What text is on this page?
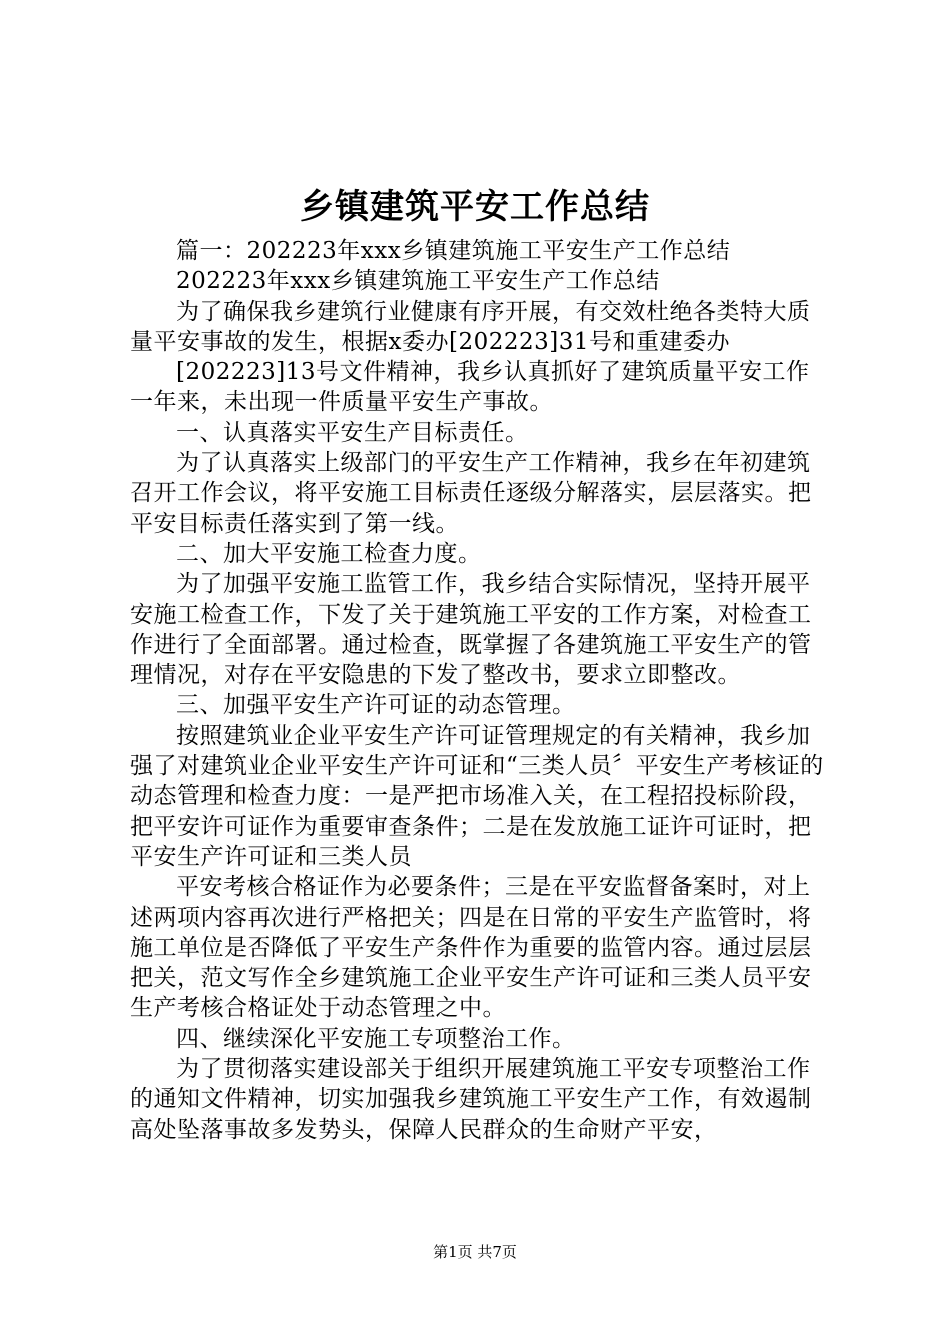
乡镇建筑平安工作总结

篇一：202223年xxx乡镇建筑施工平安生产工作总结

202223年xxx乡镇建筑施工平安生产工作总结

为了确保我乡建筑行业健康有序开展，有交效杜绝各类特大质量平安事故的发生，根据x委办[202223]31号和重建委办

[202223]13号文件精神，我乡认真抓好了建筑质量平安工作一年来，未出现一件质量平安生产事故。

一、认真落实平安生产目标责任。

为了认真落实上级部门的平安生产工作精神，我乡在年初建筑召开工作会议，将平安施工目标责任逐级分解落实，层层落实。把平安目标责任落实到了第一线。

二、加大平安施工检查力度。

为了加强平安施工监管工作，我乡结合实际情况，坚持开展平安施工检查工作，下发了关于建筑施工平安的工作方案，对检查工作进行了全面部署。通过检查，既掌握了各建筑施工平安生产的管理情况，对存在平安隐患的下发了整改书，要求立即整改。

三、加强平安生产许可证的动态管理。

按照建筑业企业平安生产许可证管理规定的有关精神，我乡加强了对建筑业企业平安生产许可证和“三类人员〞平安生产考核证的动态管理和检查力度：一是严把市场准入关，在工程招投标阶段，把平安许可证作为重要审查条件；二是在发放施工证许可证时，把平安生产许可证和三类人员

平安考核合格证作为必要条件；三是在平安监督备案时，对上述两项内容再次进行严格把关；四是在日常的平安生产监管时，将施工单位是否降低了平安生产条件作为重要的监管内容。通过层层把关，范文写作全乡建筑施工企业平安生产许可证和三类人员平安生产考核合格证处于动态管理之中。

四、继续深化平安施工专项整治工作。

为了贯彻落实建设部关于组织开展建筑施工平安专项整治工作的通知文件精神，切实加强我乡建筑施工平安生产工作，有效遏制高处坠落事故多发势头，保障人民群众的生命财产平安，

第1页 共7页
